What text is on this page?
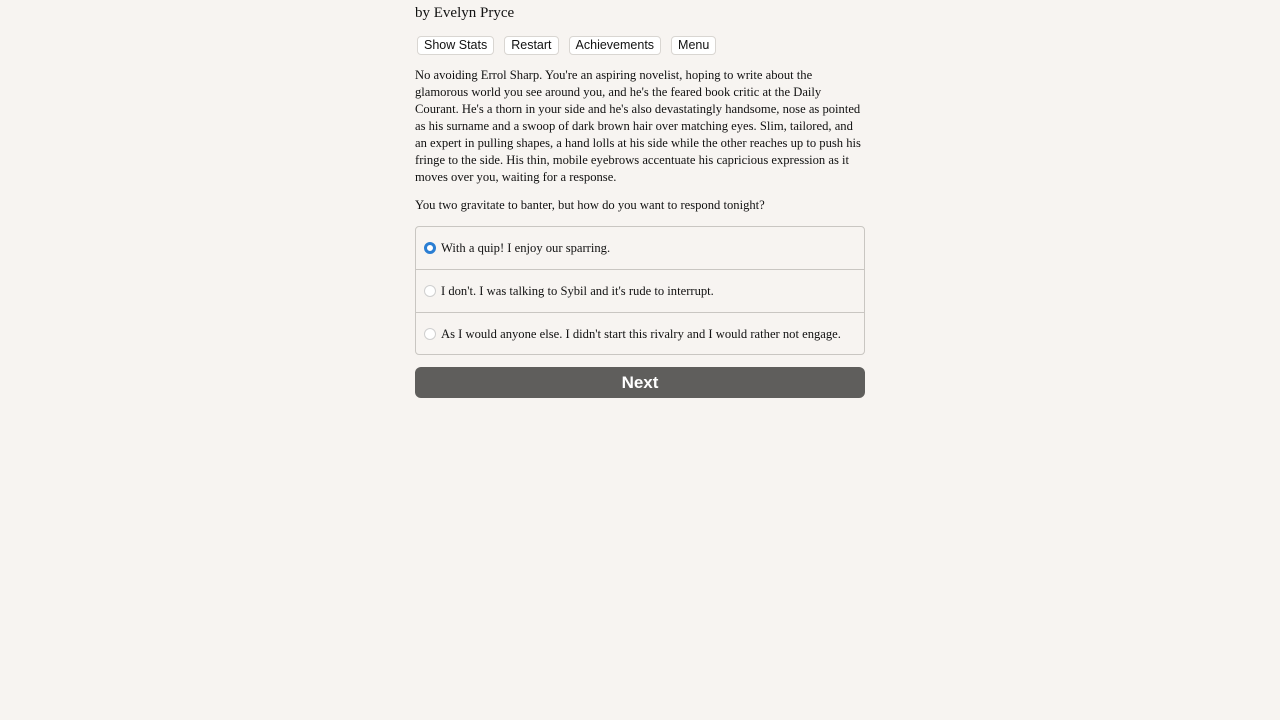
by Evelyn Pryce
Show Stats	Restart	Achievements	Menu

No avoiding Errol Sharp. You're an aspiring novelist, hoping to write about the glamorous world you see around you, and he's the feared book critic at the Daily Courant. He's a thorn in your side and he's also devastatingly handsome, nose as pointed as his surname and a swoop of dark brown hair over matching eyes. Slim, tailored, and an expert in pulling shapes, a hand lolls at his side while the other reaches up to push his fringe to the side. His thin, mobile eyebrows accentuate his capricious expression as it moves over you, waiting for a response.

You two gravitate to banter, but how do you want to respond tonight?

With a quip! I enjoy our sparring.
I don't. I was talking to Sybil and it's rude to interrupt.
As I would anyone else. I didn't start this rivalry and I would rather not engage.
Next
